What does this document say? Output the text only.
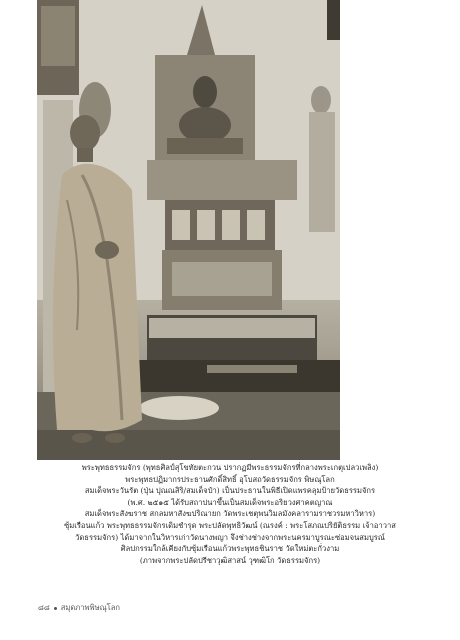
พระพุทธธรรมจักร (พุทธศิลป์สุโขทัยตะกวน ปรากฏมีพระธรรมจักรที่กลางพระเกตุเปลวเพลิง)
พระพุทธปฏิมากรประธานศักดิ์สิทธิ์ อุโบสถวัดธรรมจักร พิษณุโลก
สมเด็จพระวันรัต (ปุ่น ปุณณสิริ/สมเด็จป๋า) เป็นประธานในพิธีเปิดแพรคลุมป้ายวัดธรรมจักร
(พ.ศ. ๒๕๑๕ ได้รับสถาปนาขึ้นเป็นสมเด็จพระอริยวงศาคตญาณ
สมเด็จพระสังฆราช สกลมหาสังฆปริณายก วัดพระเชตุพนวิมลมังคลารามราชวรมหาวิหาร)
ซุ้มเรือนแก้ว พระพุทธธรรมจักรเดิมชำรุด พระปลัดพุทธิวัฒน์ (ณรงค์ : พระโสภณปริยัติธรรม เจ้าอาวาส
วัดธรรมจักร) ได้มาจากในวิหารเก่าวัดนางพญา จึงช่างช่างจากพระนครมาบูรณะซ่อมจนสมบูรณ์
ศิลปกรรมใกล้เคียงกับซุ้มเรือนแก้วพระพุทธชินราช วัดใหม่ตะกั่วงาม
(ภาพจากพระปลัดปรีชาวุฒิสาสน์ วุฑฒิโก วัดธรรมจักร)
๘๘ สมุดภาพพิษณุโลก
